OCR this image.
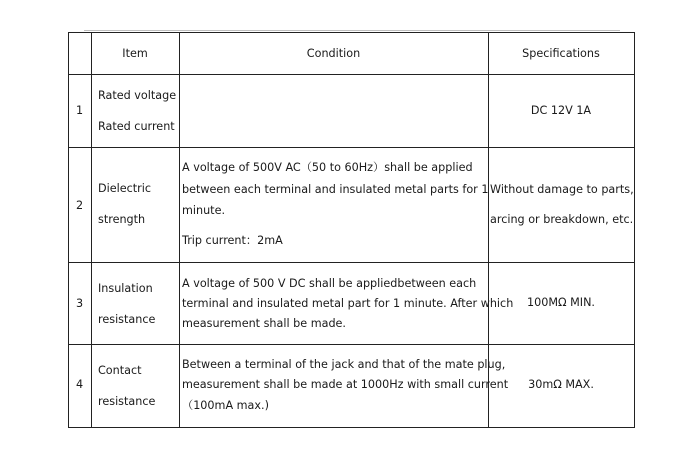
Item	Condition	Specifications
1
Rated voltage
Rated current
DC 12V 1A
2
Dielectric
strength
A voltage of 500V AC（50 to 60Hz）shall be applied
between each terminal and insulated metal parts for 1
minute.
Trip current：2mA
Without damage to parts,
arcing or breakdown, etc.
3
Insulation
resistance
A voltage of 500 V DC shall be appliedbetween each
terminal and insulated metal part for 1 minute. After which
measurement shall be made.
100MΩ MIN.
4
Contact
resistance
Between a terminal of the jack and that of the mate plug,
measurement shall be made at 1000Hz with small current
（100mA max.)
30mΩ MAX.
